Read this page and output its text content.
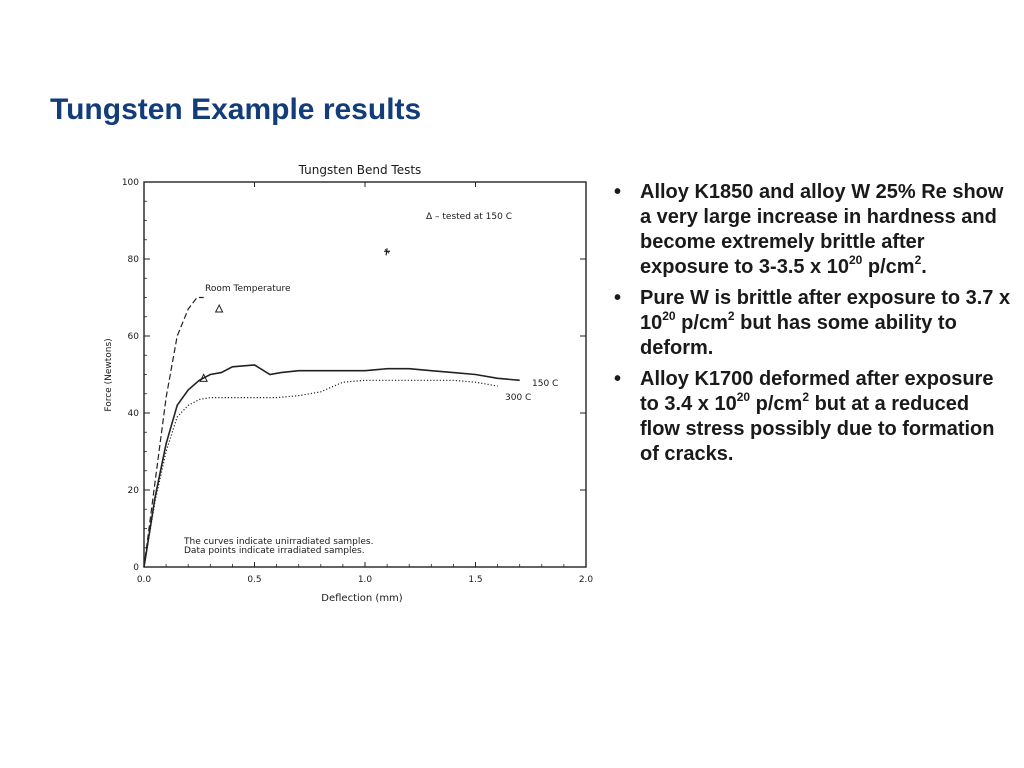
Tungsten Example results
Tungsten Bend Tests
0.0	0.5	1.0	1.5	2.0
0
20
40
60
80
100
Deflection (mm)
Force (Newtons)
Δ – tested at 150 C
Room Temperature
150 C
300 C
The curves indicate unirradiated samples.
Data points indicate irradiated samples.
• Alloy K1850 and alloy W 25% Re show a very large increase in hardness and become extremely brittle after exposure to 3-3.5 x $10^{20}$ $p/cm^2$.
• Pure W is brittle after exposure to 3.7 x $10^{20}$ $p/cm^2$ but has some ability to deform.
• Alloy K1700 deformed after exposure to 3.4 x $10^{20}$ $p/cm^2$ but at a reduced flow stress possibly due to formation of cracks.
